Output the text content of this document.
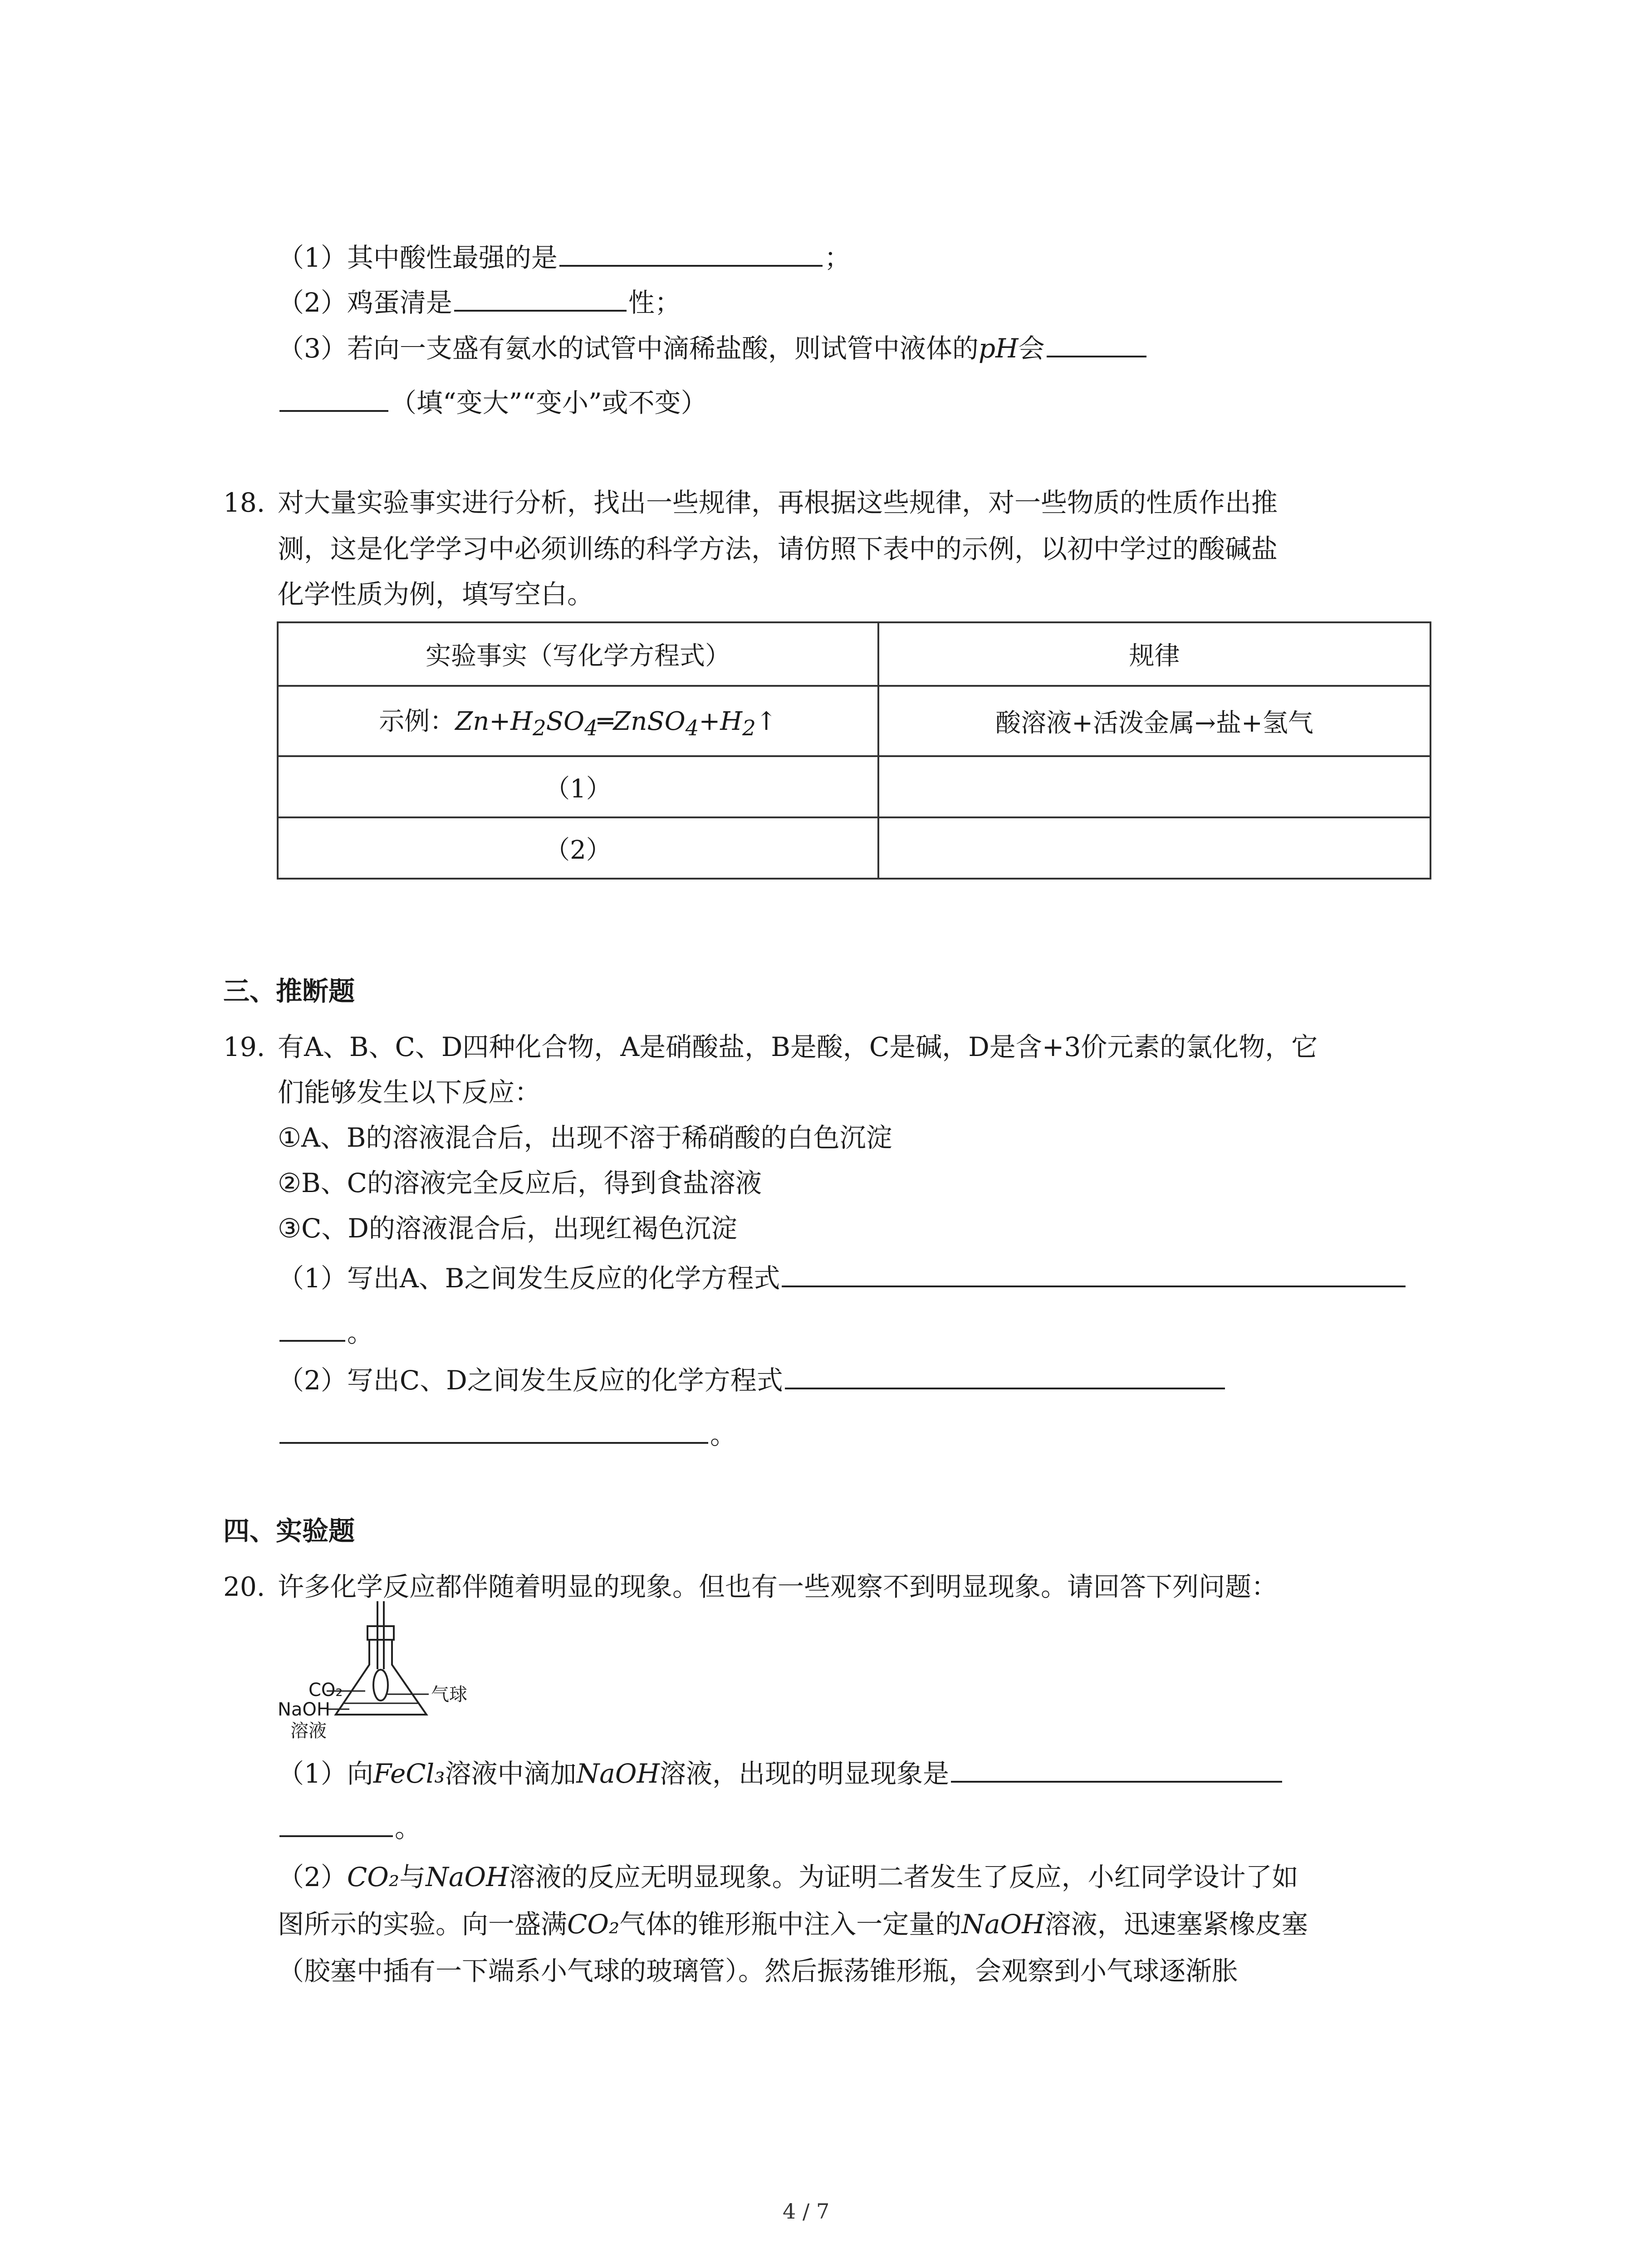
（1）其中酸性最强的是	；
（2）鸡蛋清是	性；
（3）若向一支盛有氨水的试管中滴稀盐酸，则试管中液体的pH会
（填“变大”“变小”或不变）
18. 对大量实验事实进行分析，找出一些规律，再根据这些规律，对一些物质的性质作出推
测，这是化学学习中必须训练的科学方法，请仿照下表中的示例，以初中学过的酸碱盐
化学性质为例，填写空白。
实验事实（写化学方程式）	规律
示例：$Zn+H_2SO_4═ZnSO_4+H_2↑$	酸溶液+活泼金属→盐+氢气
（1）	
（2）	
三、推断题
19. 有A、B、C、D四种化合物，A是硝酸盐，B是酸，C是碱，D是含+3价元素的氯化物，它
们能够发生以下反应：
①A、B的溶液混合后，出现不溶于稀硝酸的白色沉淀
②B、C的溶液完全反应后，得到食盐溶液
③C、D的溶液混合后，出现红褐色沉淀
（1）写出A、B之间发生反应的化学方程式
。
（2）写出C、D之间发生反应的化学方程式
。
四、实验题
20. 许多化学反应都伴随着明显的现象。但也有一些观察不到明显现象。请回答下列问题：
CO₂
NaOH
溶液
气球
（1）向FeCl₃溶液中滴加NaOH溶液，出现的明显现象是
。
（2）CO₂与NaOH溶液的反应无明显现象。为证明二者发生了反应，小红同学设计了如
图所示的实验。向一盛满CO₂气体的锥形瓶中注入一定量的NaOH溶液，迅速塞紧橡皮塞
（胶塞中插有一下端系小气球的玻璃管）。然后振荡锥形瓶，会观察到小气球逐渐胀
4 / 7
